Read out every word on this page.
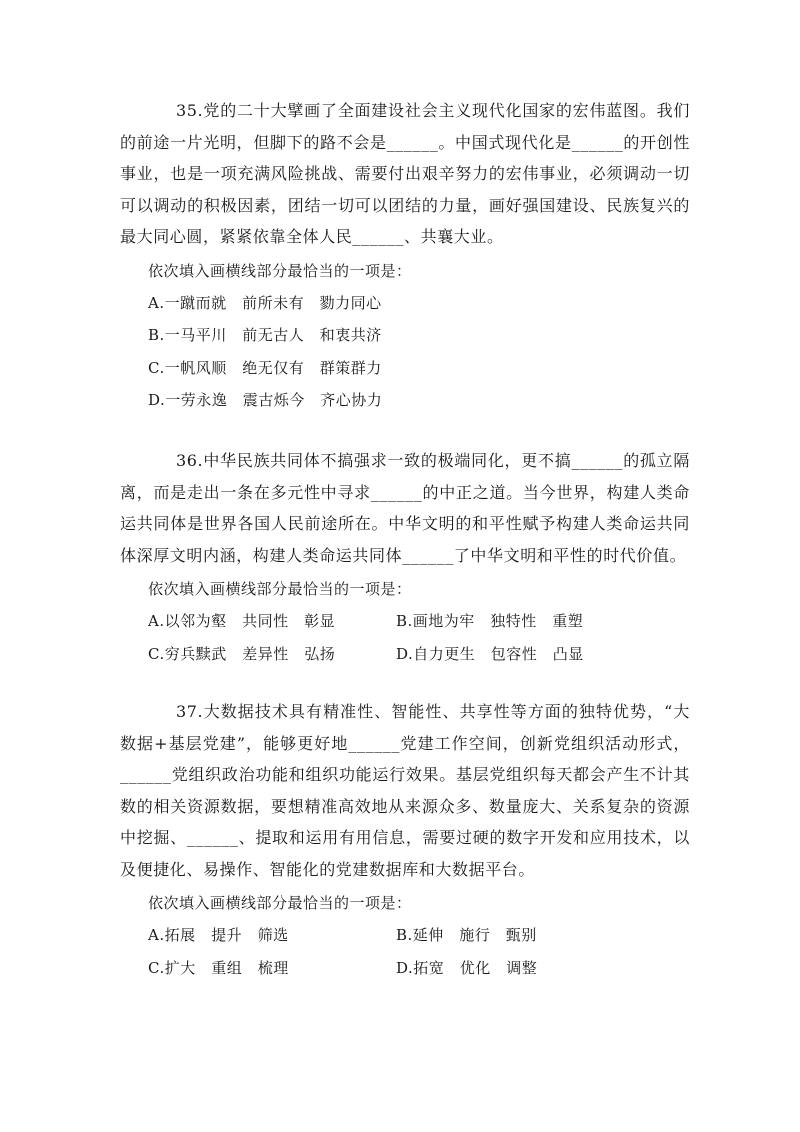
35.党的二十大擘画了全面建设社会主义现代化国家的宏伟蓝图。我们的前途一片光明，但脚下的路不会是______。中国式现代化是______的开创性事业，也是一项充满风险挑战、需要付出艰辛努力的宏伟事业，必须调动一切可以调动的积极因素，团结一切可以团结的力量，画好强国建设、民族复兴的最大同心圆，紧紧依靠全体人民______、共襄大业。

依次填入画横线部分最恰当的一项是：
A.一蹴而就　前所未有　勠力同心
B.一马平川　前无古人　和衷共济
C.一帆风顺　绝无仅有　群策群力
D.一劳永逸　震古烁今　齐心协力

36.中华民族共同体不搞强求一致的极端同化，更不搞______的孤立隔离，而是走出一条在多元性中寻求______的中正之道。当今世界，构建人类命运共同体是世界各国人民前途所在。中华文明的和平性赋予构建人类命运共同体深厚文明内涵，构建人类命运共同体______了中华文明和平性的时代价值。

依次填入画横线部分最恰当的一项是：
A.以邻为壑　共同性　彰显	B.画地为牢　独特性　重塑
C.穷兵黩武　差异性　弘扬	D.自力更生　包容性　凸显

37.大数据技术具有精准性、智能性、共享性等方面的独特优势，“大数据+基层党建”，能够更好地______党建工作空间，创新党组织活动形式，______党组织政治功能和组织功能运行效果。基层党组织每天都会产生不计其数的相关资源数据，要想精准高效地从来源众多、数量庞大、关系复杂的资源中挖掘、______、提取和运用有用信息，需要过硬的数字开发和应用技术，以及便捷化、易操作、智能化的党建数据库和大数据平台。

依次填入画横线部分最恰当的一项是：
A.拓展　提升　筛选	B.延伸　施行　甄别
C.扩大　重组　梳理	D.拓宽　优化　调整
